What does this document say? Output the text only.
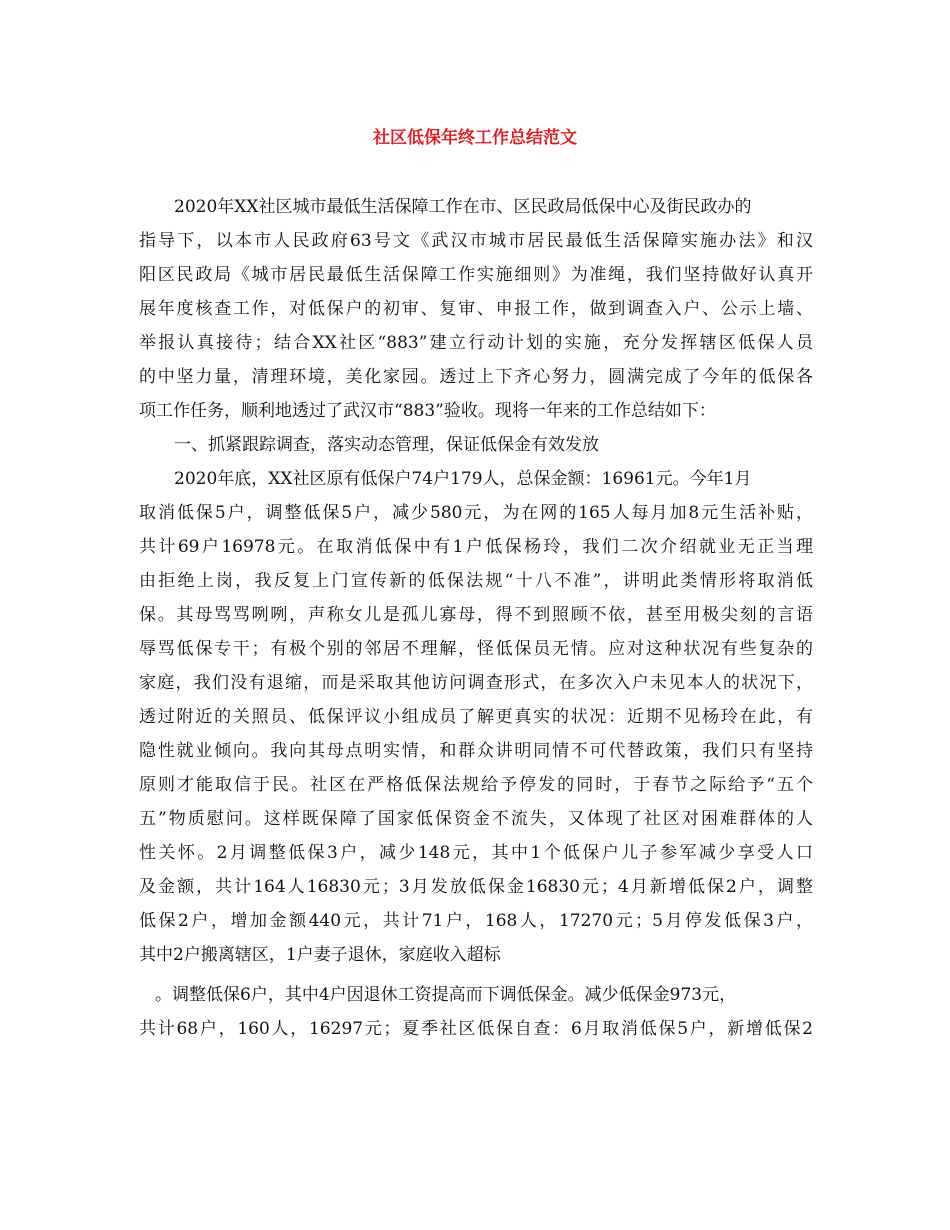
社区低保年终工作总结范文
2020年XX社区城市最低生活保障工作在市、区民政局低保中心及街民政办的
指导下，以本市人民政府63号文《武汉市城市居民最低生活保障实施办法》和汉
阳区民政局《城市居民最低生活保障工作实施细则》为准绳，我们坚持做好认真开
展年度核查工作，对低保户的初审、复审、申报工作，做到调查入户、公示上墙、
举报认真接待；结合XX社区“883”建立行动计划的实施，充分发挥辖区低保人员
的中坚力量，清理环境，美化家园。透过上下齐心努力，圆满完成了今年的低保各
项工作任务，顺利地透过了武汉市“883”验收。现将一年来的工作总结如下：
一、抓紧跟踪调查，落实动态管理，保证低保金有效发放
2020年底，XX社区原有低保户74户179人，总保金额：16961元。今年1月
取消低保5户，调整低保5户，减少580元，为在网的165人每月加8元生活补贴，
共计69户16978元。在取消低保中有1户低保杨玲，我们二次介绍就业无正当理
由拒绝上岗，我反复上门宣传新的低保法规“十八不准”，讲明此类情形将取消低
保。其母骂骂咧咧，声称女儿是孤儿寡母，得不到照顾不依，甚至用极尖刻的言语
辱骂低保专干；有极个别的邻居不理解，怪低保员无情。应对这种状况有些复杂的
家庭，我们没有退缩，而是采取其他访问调查形式，在多次入户未见本人的状况下，
透过附近的关照员、低保评议小组成员了解更真实的状况：近期不见杨玲在此，有
隐性就业倾向。我向其母点明实情，和群众讲明同情不可代替政策，我们只有坚持
原则才能取信于民。社区在严格低保法规给予停发的同时，于春节之际给予“五个
五”物质慰问。这样既保障了国家低保资金不流失，又体现了社区对困难群体的人
性关怀。2月调整低保3户，减少148元，其中1个低保户儿子参军减少享受人口
及金额，共计164人16830元；3月发放低保金16830元；4月新增低保2户，调整
低保2户，增加金额440元，共计71户，168人，17270元；5月停发低保3户，
其中2户搬离辖区，1户妻子退休，家庭收入超标
。调整低保6户，其中4户因退休工资提高而下调低保金。减少低保金973元，
共计68户，160人，16297元；夏季社区低保自查：6月取消低保5户，新增低保2
